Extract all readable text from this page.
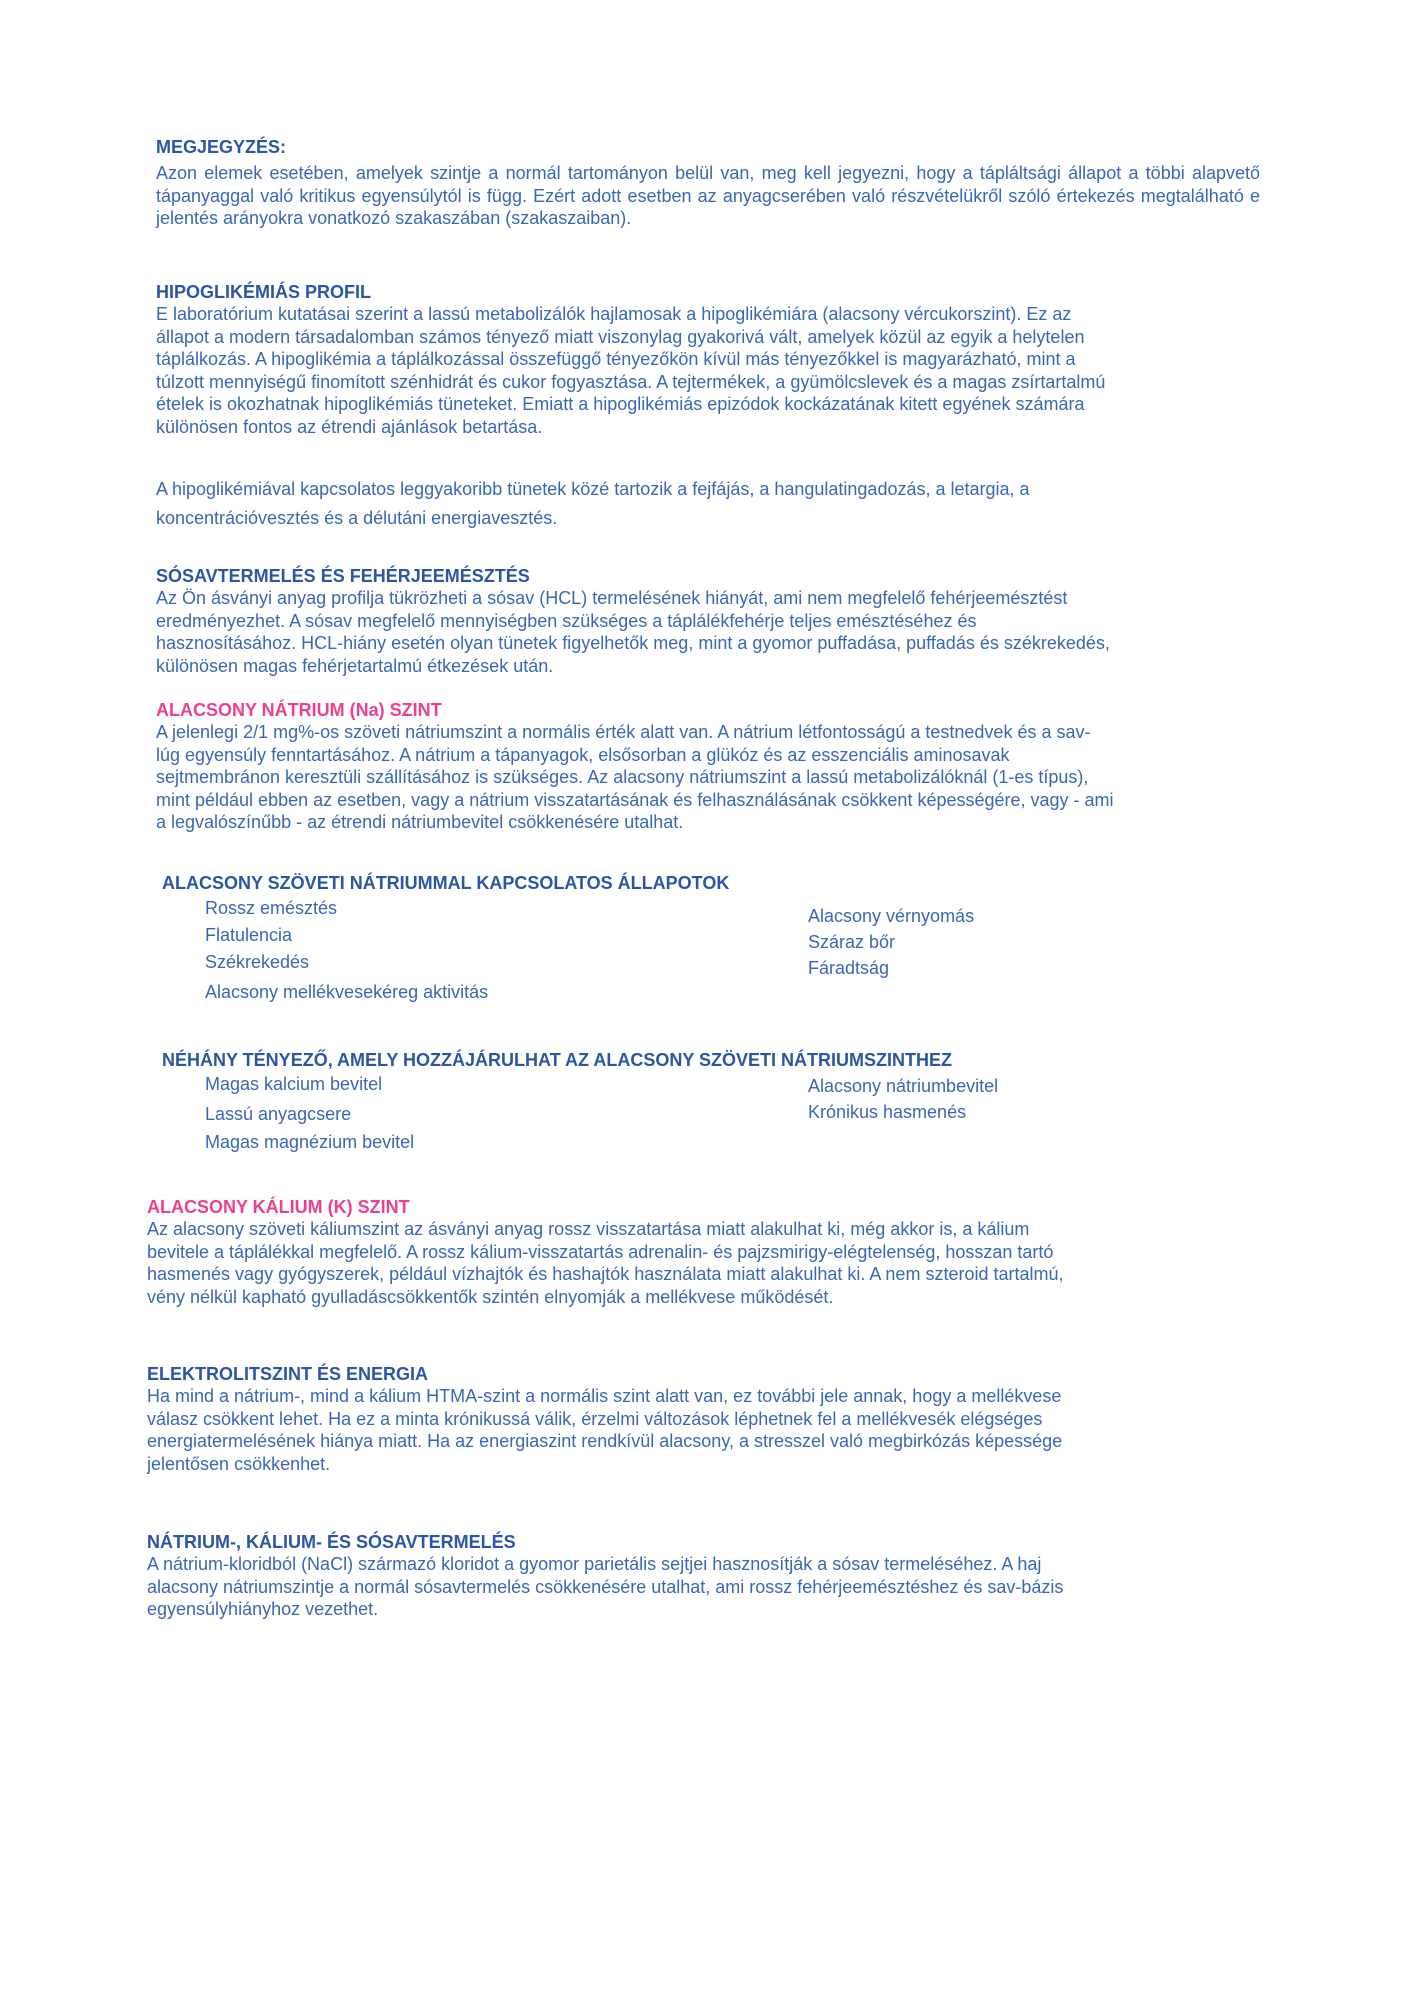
MEGJEGYZÉS:

Azon elemek esetében, amelyek szintje a normál tartományon belül van, meg kell jegyezni, hogy a tápláltsági állapot a többi alapvető tápanyaggal való kritikus egyensúlytól is függ. Ezért adott esetben az anyagcserében való részvételükről szóló értekezés megtalálható e jelentés arányokra vonatkozó szakaszában (szakaszaiban).

HIPOGLIKÉMIÁS PROFIL

E laboratórium kutatásai szerint a lassú metabolizálók hajlamosak a hipoglikémiára (alacsony vércukorszint). Ez az
állapot a modern társadalomban számos tényező miatt viszonylag gyakorivá vált, amelyek közül az egyik a helytelen
táplálkozás. A hipoglikémia a táplálkozással összefüggő tényezőkön kívül más tényezőkkel is magyarázható, mint a
túlzott mennyiségű finomított szénhidrát és cukor fogyasztása. A tejtermékek, a gyümölcslevek és a magas zsírtartalmú
ételek is okozhatnak hipoglikémiás tüneteket. Emiatt a hipoglikémiás epizódok kockázatának kitett egyének számára
különösen fontos az étrendi ajánlások betartása.
A hipoglikémiával kapcsolatos leggyakoribb tünetek közé tartozik a fejfájás, a hangulatingadozás, a letargia, a
koncentrációvesztés és a délutáni energiavesztés.

SÓSAVTERMELÉS ÉS FEHÉRJEEMÉSZTÉS

Az Ön ásványi anyag profilja tükrözheti a sósav (HCL) termelésének hiányát, ami nem megfelelő fehérjeemésztést
eredményezhet. A sósav megfelelő mennyiségben szükséges a táplálékfehérje teljes emésztéséhez és
hasznosításához. HCL-hiány esetén olyan tünetek figyelhetők meg, mint a gyomor puffadása, puffadás és székrekedés,
különösen magas fehérjetartalmú étkezések után.

ALACSONY NÁTRIUM (Na) SZINT

A jelenlegi 2/1 mg%-os szöveti nátriumszint a normális érték alatt van. A nátrium létfontosságú a testnedvek és a sav-
lúg egyensúly fenntartásához. A nátrium a tápanyagok, elsősorban a glükóz és az esszenciális aminosavak
sejtmembránon keresztüli szállításához is szükséges. Az alacsony nátriumszint a lassú metabolizálóknál (1-es típus),
mint például ebben az esetben, vagy a nátrium visszatartásának és felhasználásának csökkent képességére, vagy - ami
a legvalószínűbb - az étrendi nátriumbevitel csökkenésére utalhat.

ALACSONY SZÖVETI NÁTRIUMMAL KAPCSOLATOS ÁLLAPOTOK

Rossz emésztés
Flatulencia
Székrekedés
Alacsony mellékvesekéreg aktivitás
Alacsony vérnyomás
Száraz bőr
Fáradtság

NÉHÁNY TÉNYEZŐ, AMELY HOZZÁJÁRULHAT AZ ALACSONY SZÖVETI NÁTRIUMSZINTHEZ

Magas kalcium bevitel
Lassú anyagcsere
Magas magnézium bevitel
Alacsony nátriumbevitel
Krónikus hasmenés

ALACSONY KÁLIUM (K) SZINT

Az alacsony szöveti káliumszint az ásványi anyag rossz visszatartása miatt alakulhat ki, még akkor is, a kálium
bevitele a táplálékkal megfelelő. A rossz kálium-visszatartás adrenalin- és pajzsmirigy-elégtelenség, hosszan tartó
hasmenés vagy gyógyszerek, például vízhajtók és hashajtók használata miatt alakulhat ki. A nem szteroid tartalmú,
vény nélkül kapható gyulladáscsökkentők szintén elnyomják a mellékvese működését.

ELEKTROLITSZINT ÉS ENERGIA

Ha mind a nátrium-, mind a kálium HTMA-szint a normális szint alatt van, ez további jele annak, hogy a mellékvese
válasz csökkent lehet. Ha ez a minta krónikussá válik, érzelmi változások léphetnek fel a mellékvesék elégséges
energiatermelésének hiánya miatt. Ha az energiaszint rendkívül alacsony, a stresszel való megbirkózás képessége
jelentősen csökkenhet.

NÁTRIUM-, KÁLIUM- ÉS SÓSAVTERMELÉS

A nátrium-kloridból (NaCl) származó kloridot a gyomor parietális sejtjei hasznosítják a sósav termeléséhez. A haj
alacsony nátriumszintje a normál sósavtermelés csökkenésére utalhat, ami rossz fehérjeemésztéshez és sav-bázis
egyensúlyhiányhoz vezethet.
